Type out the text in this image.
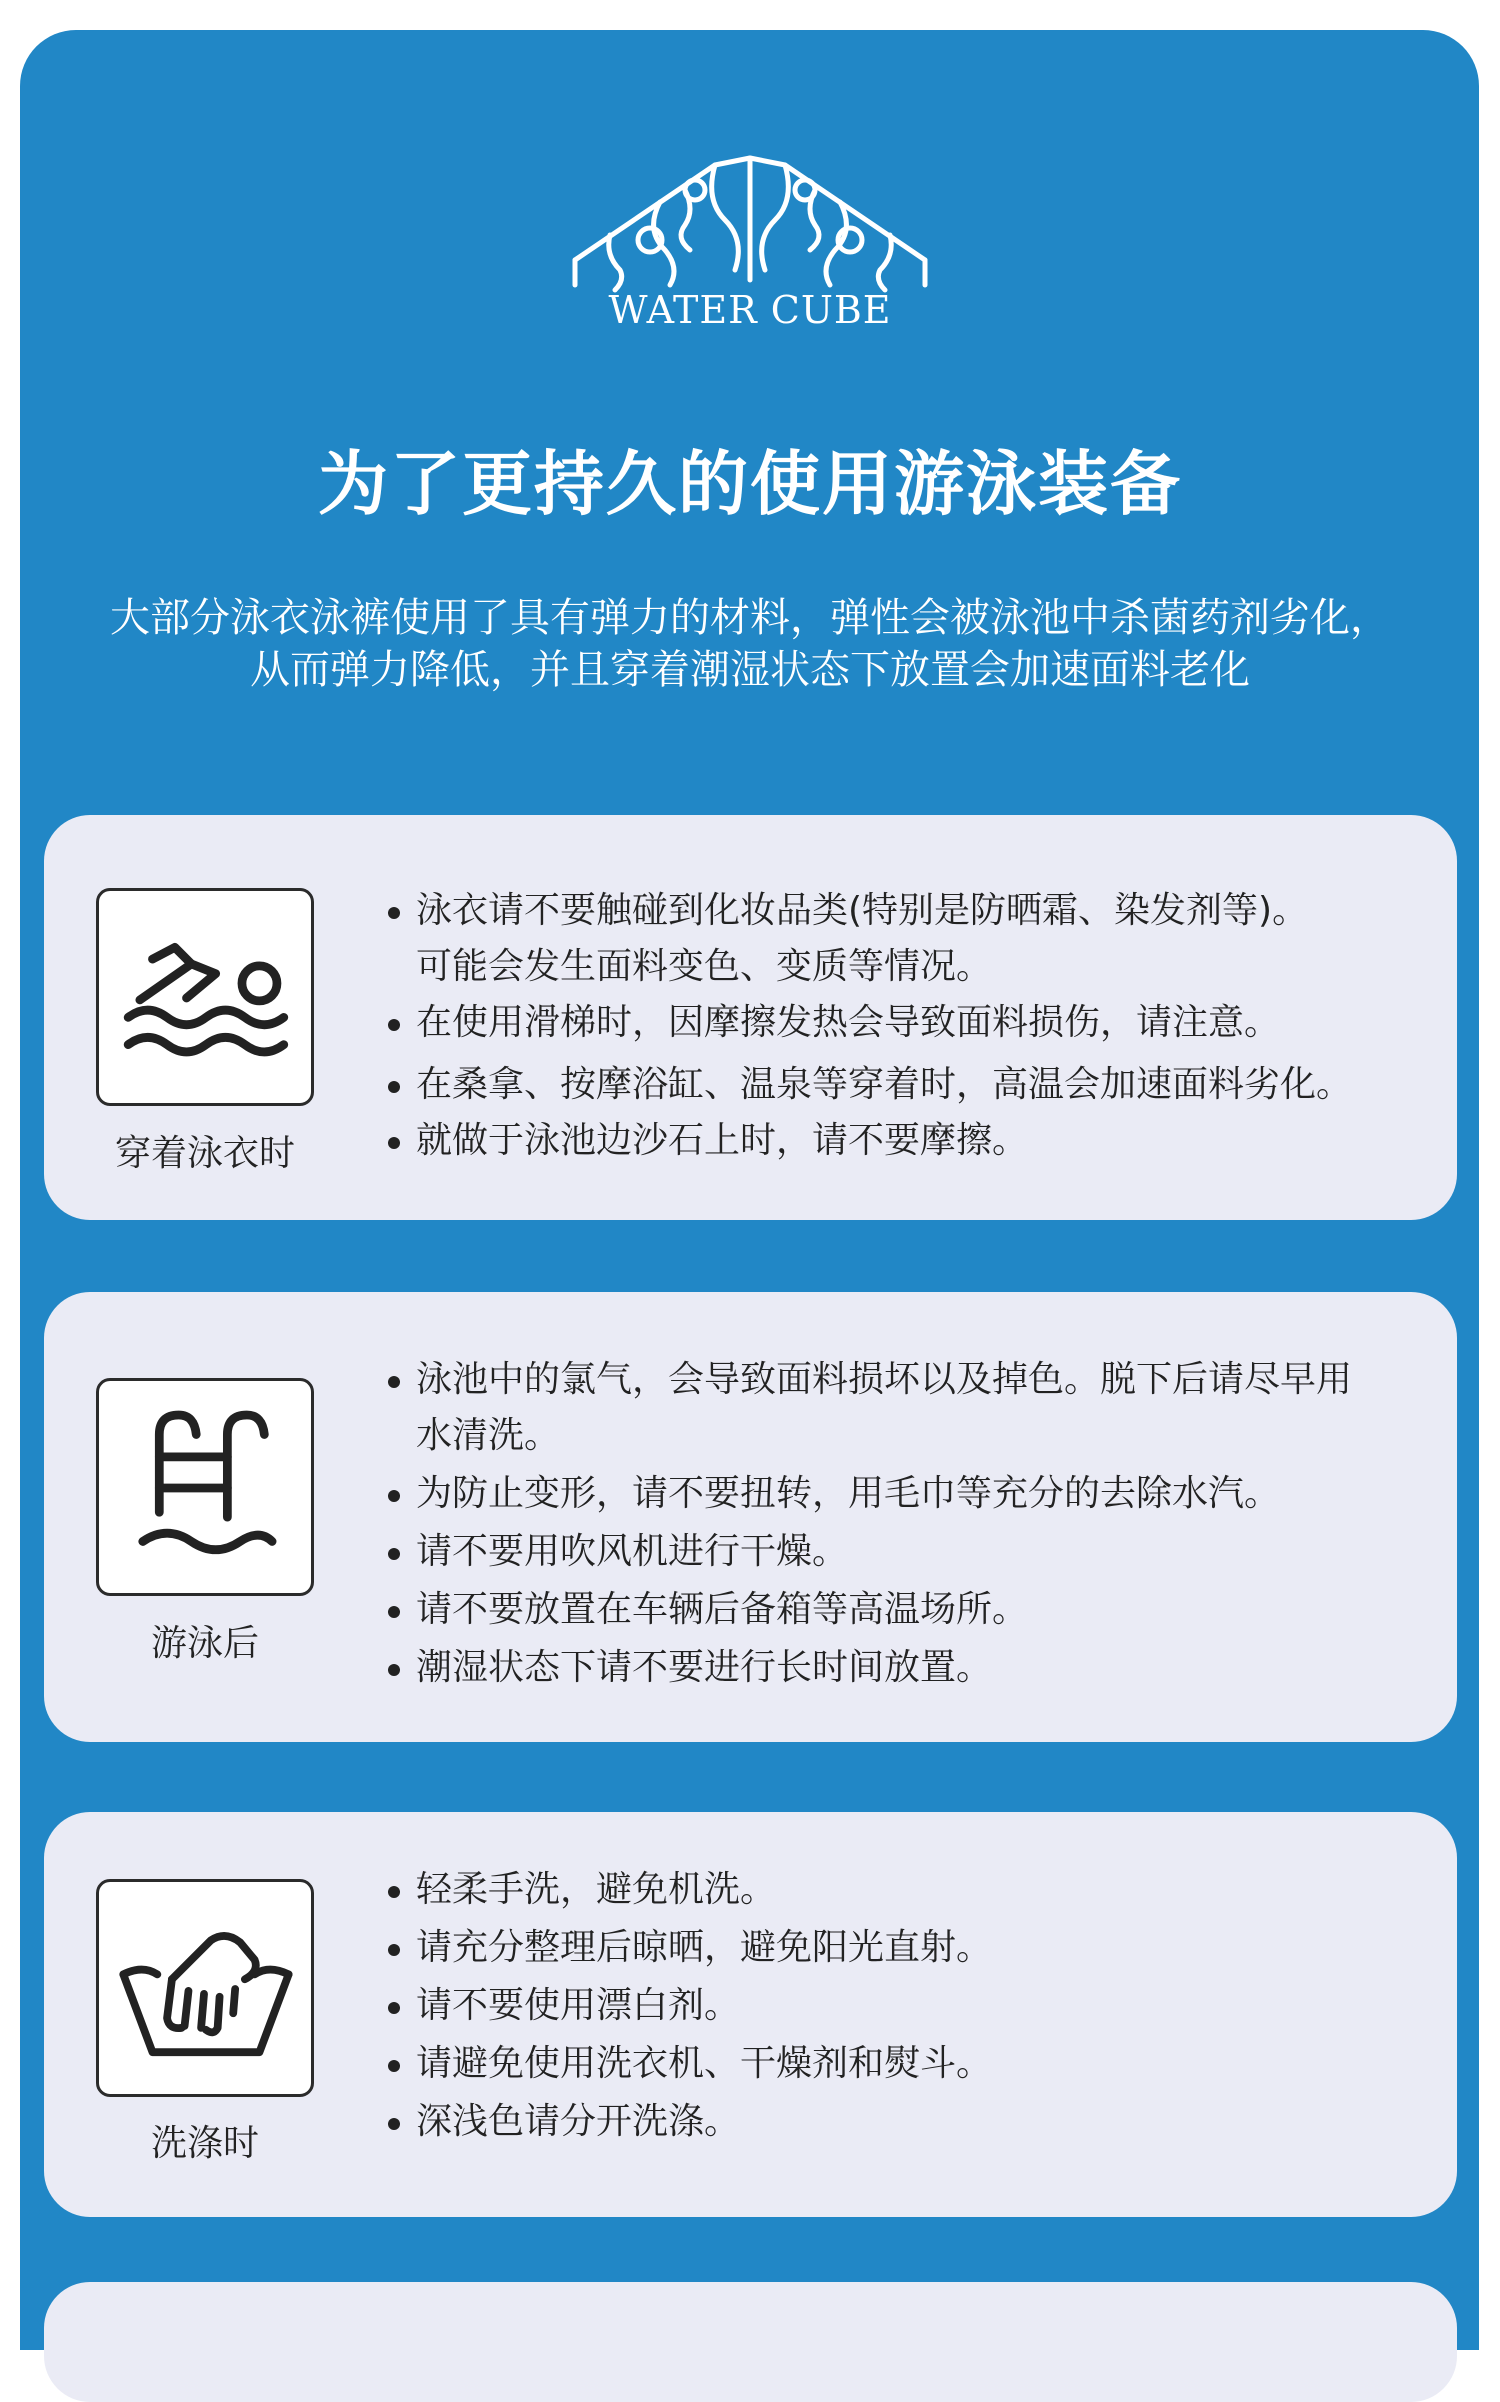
WATER CUBE
为了更持久的使用游泳装备
大部分泳衣泳裤使用了具有弹力的材料，弹性会被泳池中杀菌药剂劣化，
从而弹力降低，并且穿着潮湿状态下放置会加速面料老化
穿着泳衣时
泳衣请不要触碰到化妆品类(特别是防晒霜、染发剂等)。
可能会发生面料变色、变质等情况。
在使用滑梯时，因摩擦发热会导致面料损伤，请注意。
在桑拿、按摩浴缸、温泉等穿着时，高温会加速面料劣化。
就做于泳池边沙石上时，请不要摩擦。
游泳后
泳池中的氯气，会导致面料损坏以及掉色。脱下后请尽早用
水清洗。
为防止变形，请不要扭转，用毛巾等充分的去除水汽。
请不要用吹风机进行干燥。
请不要放置在车辆后备箱等高温场所。
潮湿状态下请不要进行长时间放置。
洗涤时
轻柔手洗，避免机洗。
请充分整理后晾晒，避免阳光直射。
请不要使用漂白剂。
请避免使用洗衣机、干燥剂和熨斗。
深浅色请分开洗涤。
